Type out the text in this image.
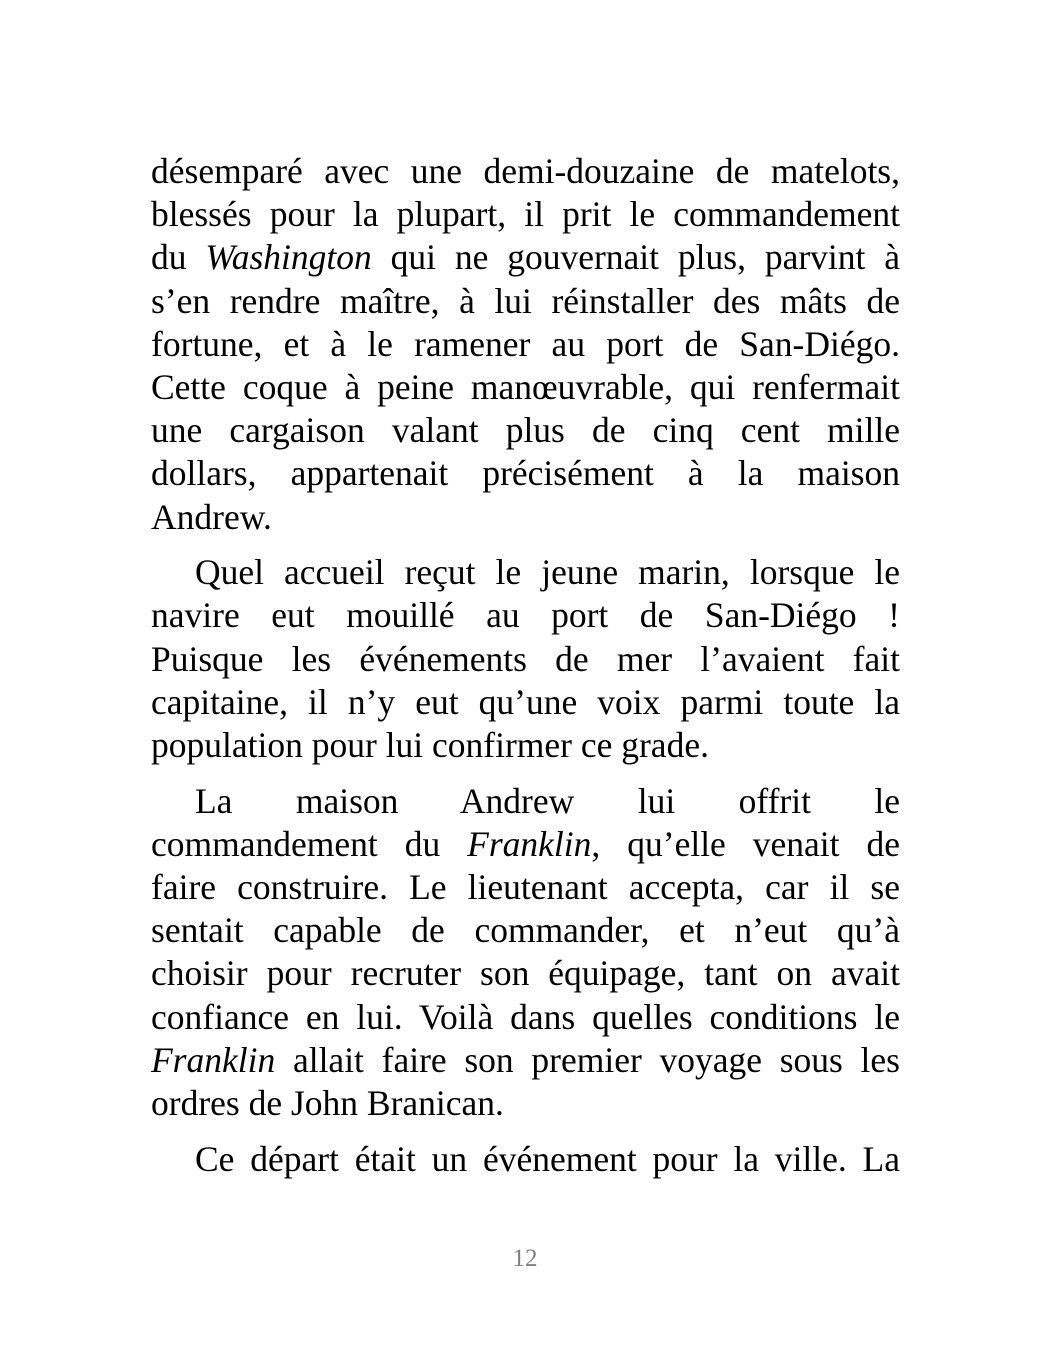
désemparé avec une demi-douzaine de matelots,
blessés pour la plupart, il prit le commandement
du Washington qui ne gouvernait plus, parvint à
s’en rendre maître, à lui réinstaller des mâts de
fortune, et à le ramener au port de San-Diégo.
Cette coque à peine manœuvrable, qui renfermait
une cargaison valant plus de cinq cent mille
dollars, appartenait précisément à la maison
Andrew.
Quel accueil reçut le jeune marin, lorsque le
navire eut mouillé au port de San-Diégo !
Puisque les événements de mer l’avaient fait
capitaine, il n’y eut qu’une voix parmi toute la
population pour lui confirmer ce grade.
La maison Andrew lui offrit le
commandement du Franklin, qu’elle venait de
faire construire. Le lieutenant accepta, car il se
sentait capable de commander, et n’eut qu’à
choisir pour recruter son équipage, tant on avait
confiance en lui. Voilà dans quelles conditions le
Franklin allait faire son premier voyage sous les
ordres de John Branican.
Ce départ était un événement pour la ville. La
12
